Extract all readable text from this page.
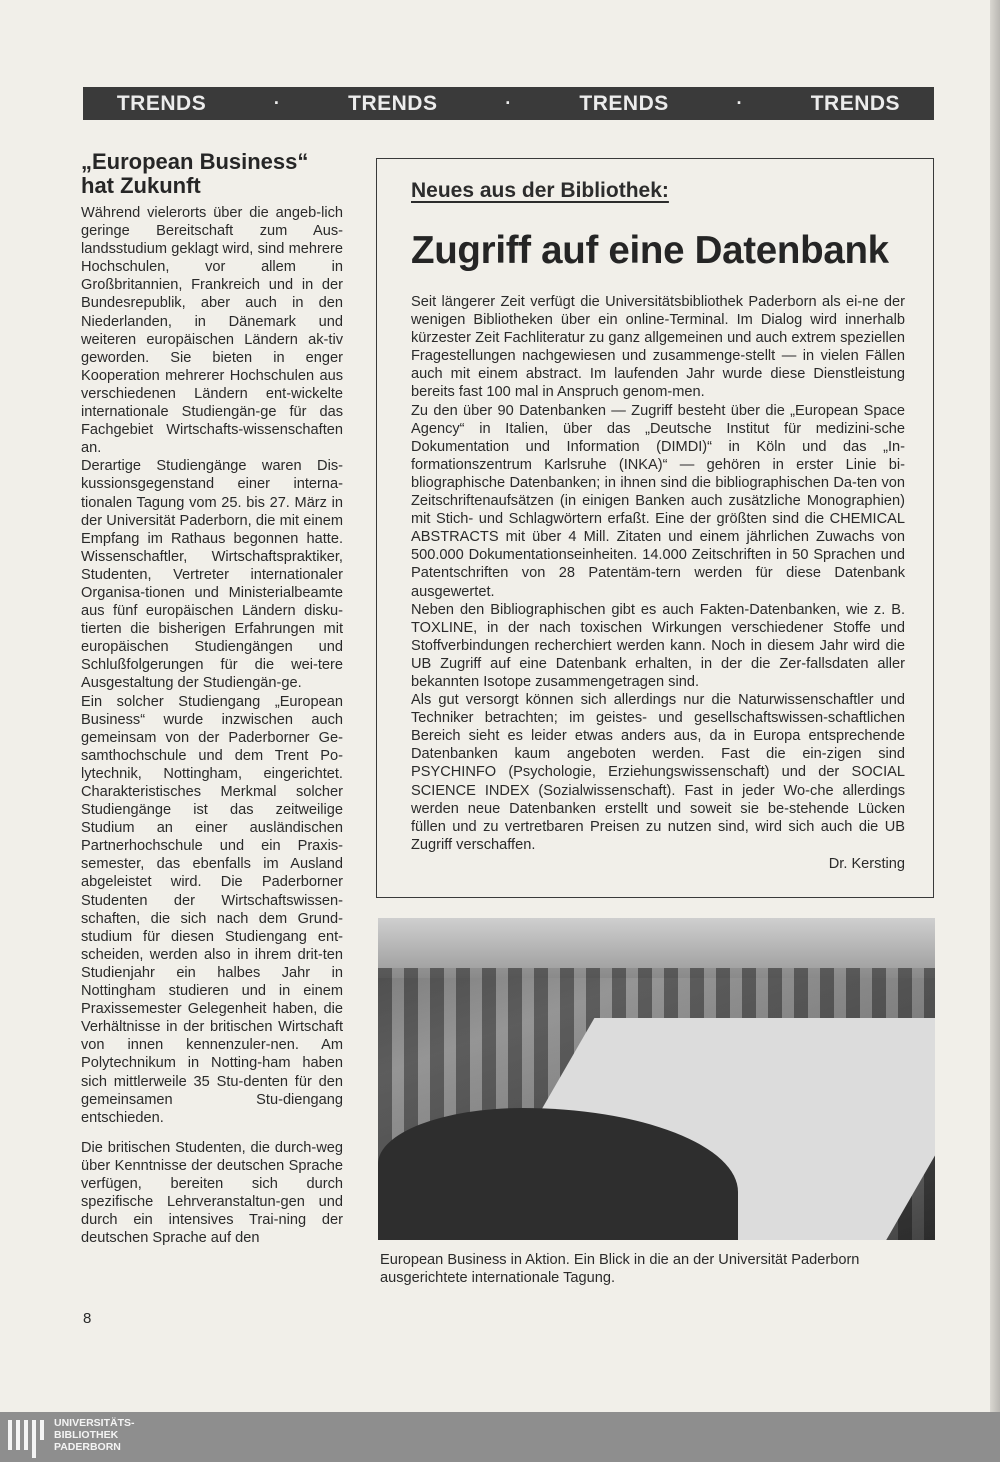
TRENDS	·	TRENDS	·	TRENDS	·	TRENDS
„European Business“
hat Zukunft

Während vielerorts über die angeb-lich geringe Bereitschaft zum Aus-landsstudium geklagt wird, sind mehrere Hochschulen, vor allem in Großbritannien, Frankreich und in der Bundesrepublik, aber auch in den Niederlanden, in Dänemark und weiteren europäischen Ländern ak-tiv geworden. Sie bieten in enger Kooperation mehrerer Hochschulen aus verschiedenen Ländern ent-wickelte internationale Studiengän-ge für das Fachgebiet Wirtschafts-wissenschaften an.

Derartige Studiengänge waren Dis-kussionsgegenstand einer interna-tionalen Tagung vom 25. bis 27. März in der Universität Paderborn, die mit einem Empfang im Rathaus begonnen hatte. Wissenschaftler, Wirtschaftspraktiker, Studenten, Vertreter internationaler Organisa-tionen und Ministerialbeamte aus fünf europäischen Ländern disku-tierten die bisherigen Erfahrungen mit europäischen Studiengängen und Schlußfolgerungen für die wei-tere Ausgestaltung der Studiengän-ge.

Ein solcher Studiengang „European Business“ wurde inzwischen auch gemeinsam von der Paderborner Ge-samthochschule und dem Trent Po-lytechnik, Nottingham, eingerichtet. Charakteristisches Merkmal solcher Studiengänge ist das zeitweilige Studium an einer ausländischen Partnerhochschule und ein Praxis-semester, das ebenfalls im Ausland abgeleistet wird. Die Paderborner Studenten der Wirtschaftswissen-schaften, die sich nach dem Grund-studium für diesen Studiengang ent-scheiden, werden also in ihrem drit-ten Studienjahr ein halbes Jahr in Nottingham studieren und in einem Praxissemester Gelegenheit haben, die Verhältnisse in der britischen Wirtschaft von innen kennenzuler-nen. Am Polytechnikum in Notting-ham haben sich mittlerweile 35 Stu-denten für den gemeinsamen Stu-diengang entschieden.

Die britischen Studenten, die durch-weg über Kenntnisse der deutschen Sprache verfügen, bereiten sich durch spezifische Lehrveranstaltun-gen und durch ein intensives Trai-ning der deutschen Sprache auf den

Neues aus der Bibliothek:
Zugriff auf eine Datenbank

Seit längerer Zeit verfügt die Universitätsbibliothek Paderborn als ei-ne der wenigen Bibliotheken über ein online-Terminal. Im Dialog wird innerhalb kürzester Zeit Fachliteratur zu ganz allgemeinen und auch extrem speziellen Fragestellungen nachgewiesen und zusammenge-stellt — in vielen Fällen auch mit einem abstract. Im laufenden Jahr wurde diese Dienstleistung bereits fast 100 mal in Anspruch genom-men.

Zu den über 90 Datenbanken — Zugriff besteht über die „European Space Agency“ in Italien, über das „Deutsche Institut für medizini-sche Dokumentation und Information (DIMDI)“ in Köln und das „In-formationszentrum Karlsruhe (INKA)“ — gehören in erster Linie bi-bliographische Datenbanken; in ihnen sind die bibliographischen Da-ten von Zeitschriftenaufsätzen (in einigen Banken auch zusätzliche Monographien) mit Stich- und Schlagwörtern erfaßt. Eine der größten sind die CHEMICAL ABSTRACTS mit über 4 Mill. Zitaten und einem jährlichen Zuwachs von 500.000 Dokumentationseinheiten. 14.000 Zeitschriften in 50 Sprachen und Patentschriften von 28 Patentäm-tern werden für diese Datenbank ausgewertet.

Neben den Bibliographischen gibt es auch Fakten-Datenbanken, wie z. B. TOXLINE, in der nach toxischen Wirkungen verschiedener Stoffe und Stoffverbindungen recherchiert werden kann. Noch in diesem Jahr wird die UB Zugriff auf eine Datenbank erhalten, in der die Zer-fallsdaten aller bekannten Isotope zusammengetragen sind.

Als gut versorgt können sich allerdings nur die Naturwissenschaftler und Techniker betrachten; im geistes- und gesellschaftswissen-schaftlichen Bereich sieht es leider etwas anders aus, da in Europa entsprechende Datenbanken kaum angeboten werden. Fast die ein-zigen sind PSYCHINFO (Psychologie, Erziehungswissenschaft) und der SOCIAL SCIENCE INDEX (Sozialwissenschaft). Fast in jeder Wo-che allerdings werden neue Datenbanken erstellt und soweit sie be-stehende Lücken füllen und zu vertretbaren Preisen zu nutzen sind, wird sich auch die UB Zugriff verschaffen.

Dr. Kersting

European Business in Aktion. Ein Blick in die an der Universität Paderborn ausgerichtete internationale Tagung.

8

UNIVERSITÄTS-
BIBLIOTHEK
PADERBORN
